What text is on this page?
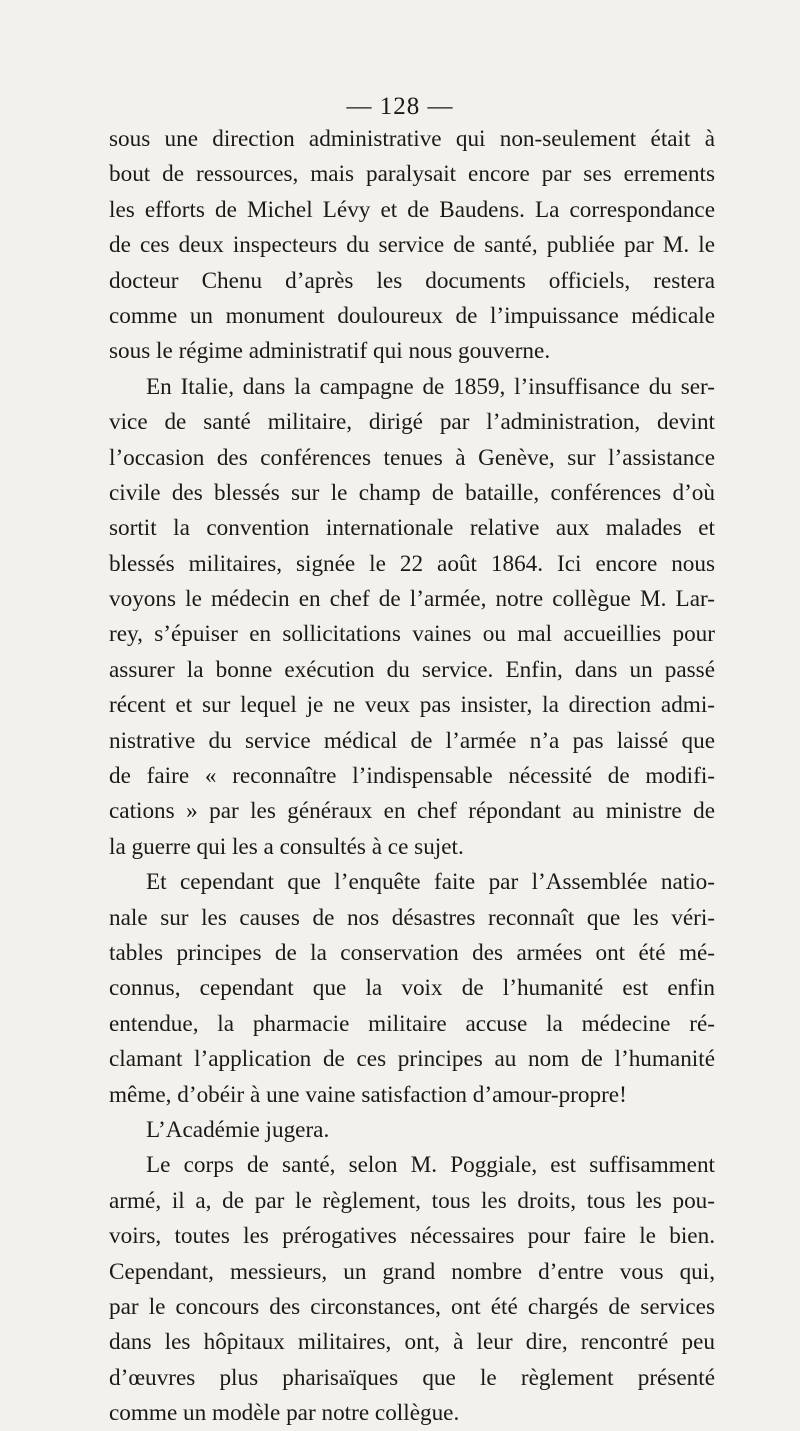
— 128 —
sous une direction administrative qui non-seulement était à
bout de ressources, mais paralysait encore par ses errements
les efforts de Michel Lévy et de Baudens. La correspondance
de ces deux inspecteurs du service de santé, publiée par M. le
docteur Chenu d’après les documents officiels, restera
comme un monument douloureux de l’impuissance médicale
sous le régime administratif qui nous gouverne.
En Italie, dans la campagne de 1859, l’insuffisance du ser-
vice de santé militaire, dirigé par l’administration, devint
l’occasion des conférences tenues à Genève, sur l’assistance
civile des blessés sur le champ de bataille, conférences d’où
sortit la convention internationale relative aux malades et
blessés militaires, signée le 22 août 1864. Ici encore nous
voyons le médecin en chef de l’armée, notre collègue M. Lar-
rey, s’épuiser en sollicitations vaines ou mal accueillies pour
assurer la bonne exécution du service. Enfin, dans un passé
récent et sur lequel je ne veux pas insister, la direction admi-
nistrative du service médical de l’armée n’a pas laissé que
de faire « reconnaître l’indispensable nécessité de modifi-
cations » par les généraux en chef répondant au ministre de
la guerre qui les a consultés à ce sujet.
Et cependant que l’enquête faite par l’Assemblée natio-
nale sur les causes de nos désastres reconnaît que les véri-
tables principes de la conservation des armées ont été mé-
connus, cependant que la voix de l’humanité est enfin
entendue, la pharmacie militaire accuse la médecine ré-
clamant l’application de ces principes au nom de l’humanité
même, d’obéir à une vaine satisfaction d’amour-propre!
L’Académie jugera.
Le corps de santé, selon M. Poggiale, est suffisamment
armé, il a, de par le règlement, tous les droits, tous les pou-
voirs, toutes les prérogatives nécessaires pour faire le bien.
Cependant, messieurs, un grand nombre d’entre vous qui,
par le concours des circonstances, ont été chargés de services
dans les hôpitaux militaires, ont, à leur dire, rencontré peu
d’œuvres plus pharisaïques que le règlement présenté
comme un modèle par notre collègue.
